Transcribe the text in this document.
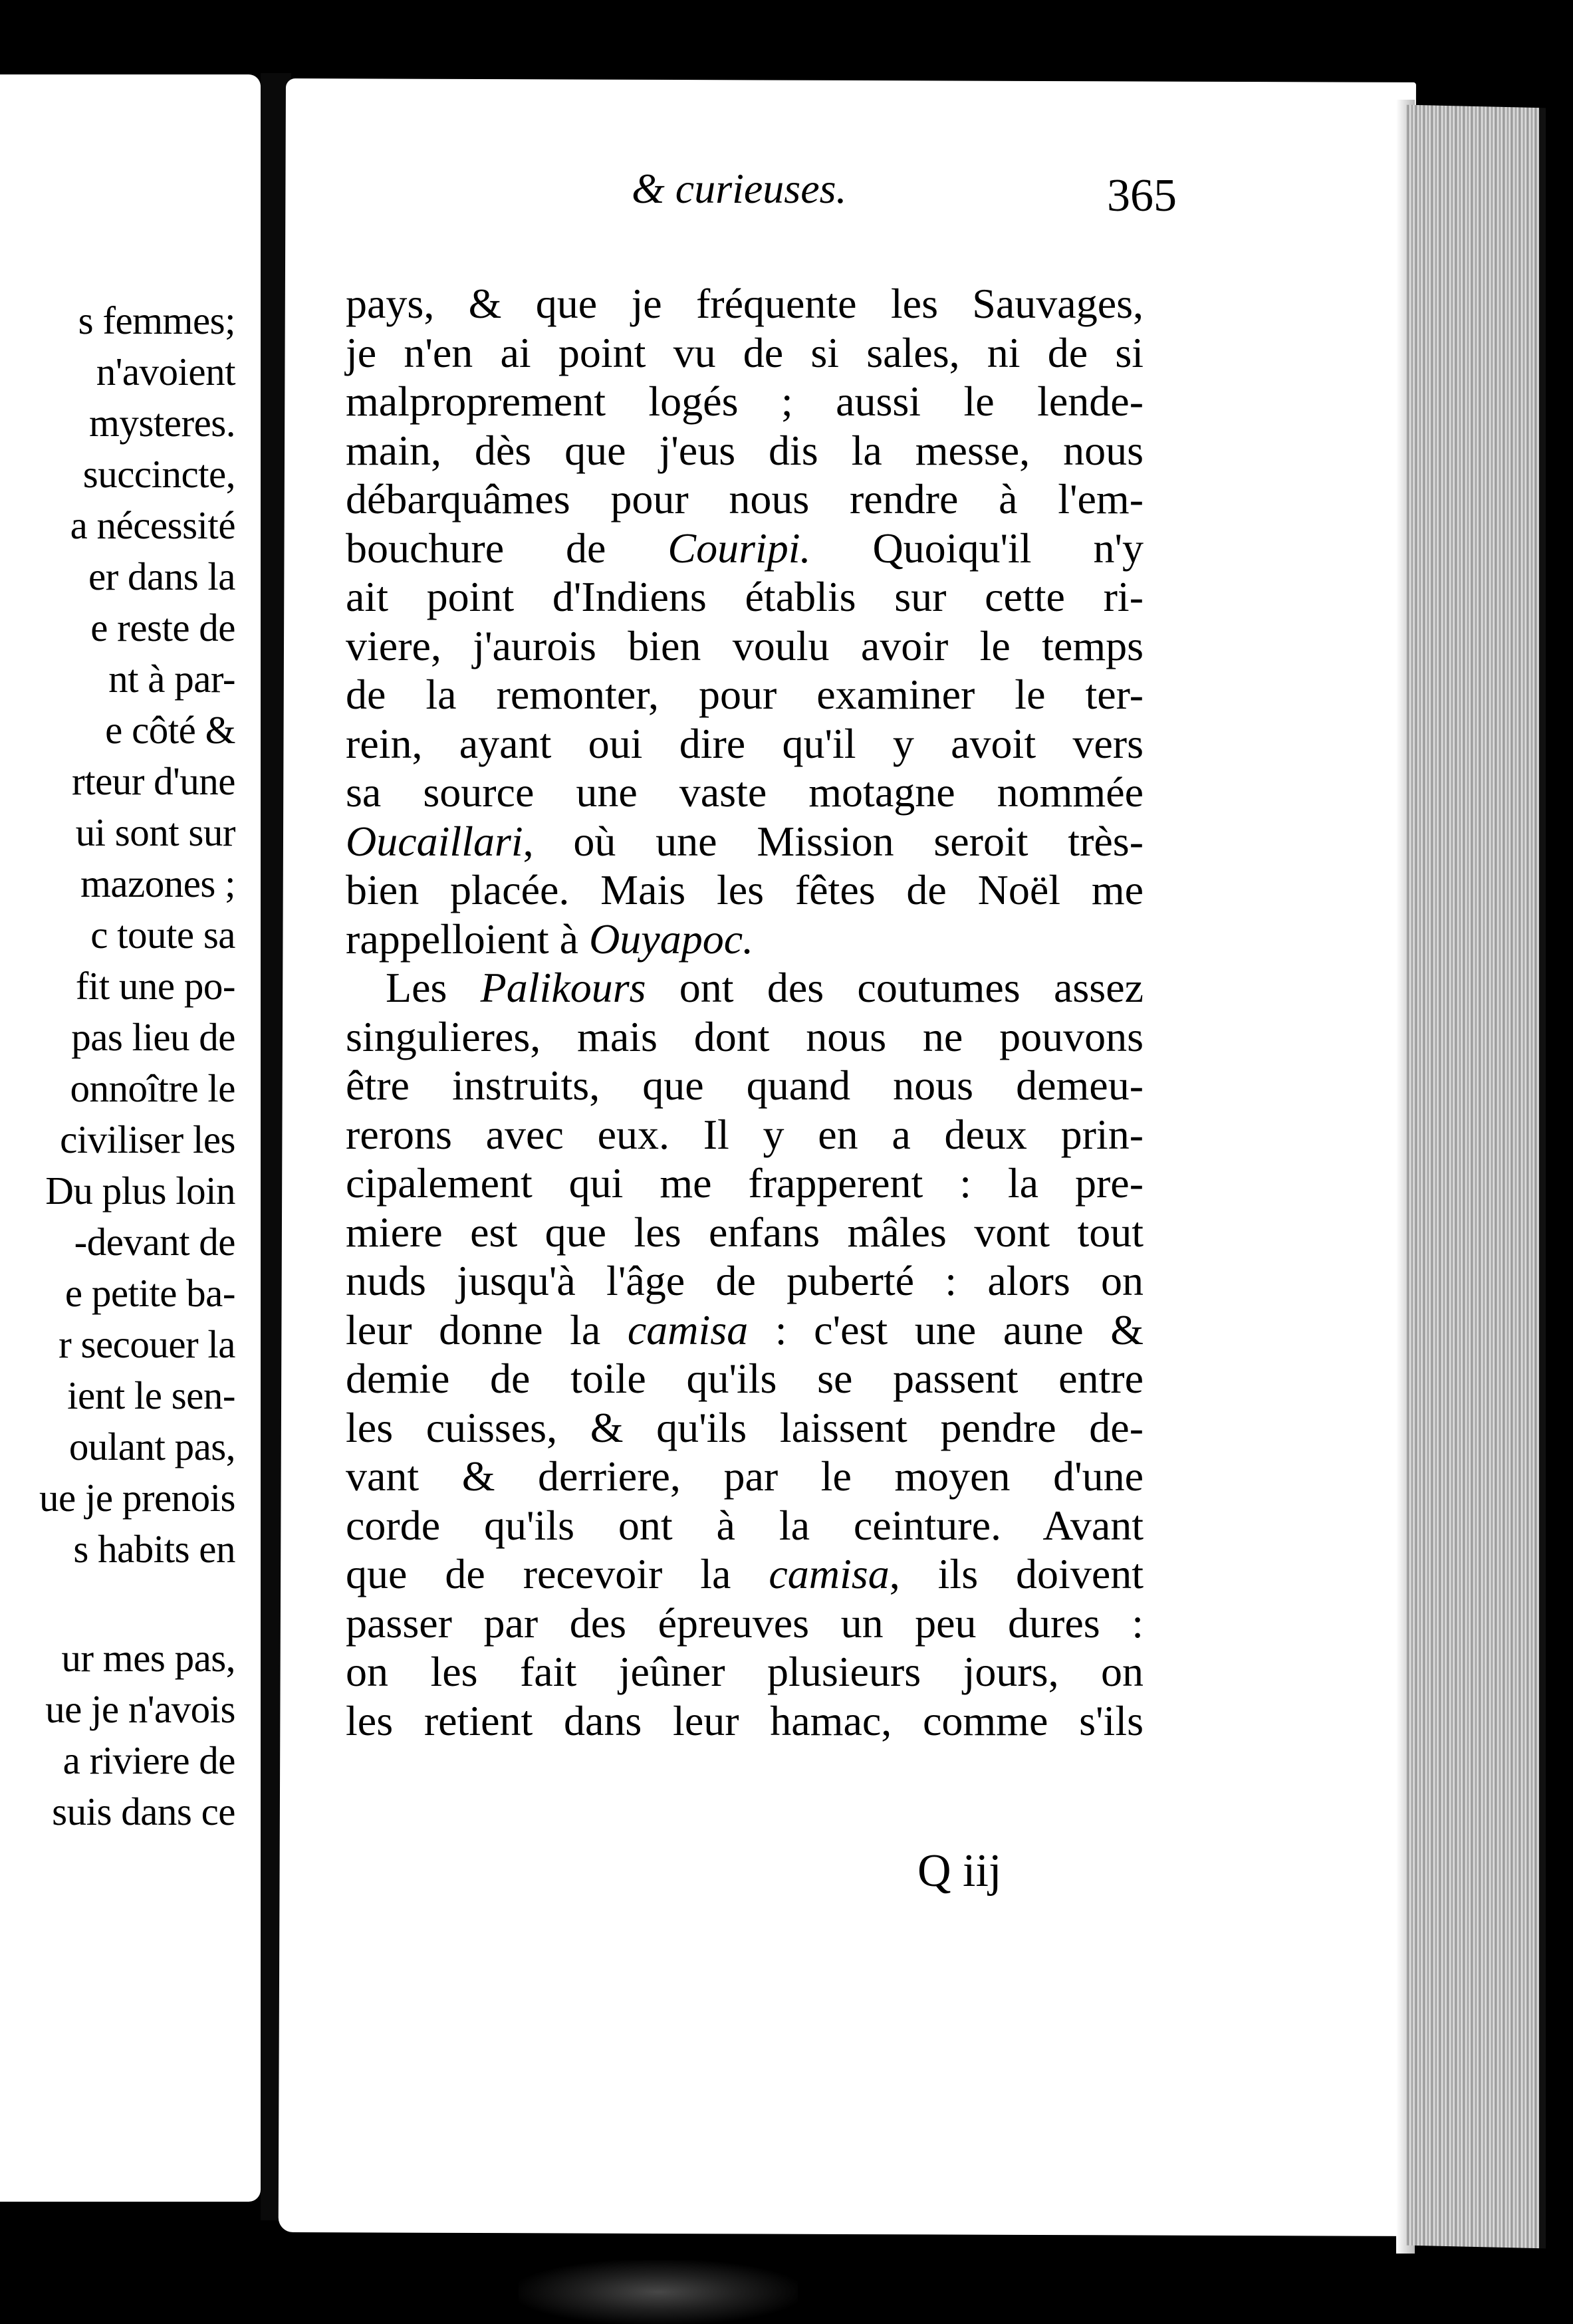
s femmes;
n'avoient
mysteres.
succincte,
a nécessité
er dans la
e reste de
nt à par-
e côté &
rteur d'une
ui sont sur
mazones ;
c toute sa
fit une po-
pas lieu de
onnoître le
civiliser les
Du plus loin
-devant de
e petite ba-
r secouer la
ient le sen-
oulant pas,
ue je prenois
s habits en
ur mes pas,
ue je n'avois
a riviere de
suis dans ce
& curieuses.	365
pays, & que je fréquente les Sauvages,
je n'en ai point vu de si sales, ni de si
malproprement logés ; aussi le lende-
main, dès que j'eus dis la messe, nous
débarquâmes pour nous rendre à l'em-
bouchure de Couripi. Quoiqu'il n'y
ait point d'Indiens établis sur cette ri-
viere, j'aurois bien voulu avoir le temps
de la remonter, pour examiner le ter-
rein, ayant oui dire qu'il y avoit vers
sa source une vaste motagne nommée
Oucaillari, où une Mission seroit très-
bien placée. Mais les fêtes de Noël me
rappelloient à Ouyapoc.
Les Palikours ont des coutumes assez
singulieres, mais dont nous ne pouvons
être instruits, que quand nous demeu-
rerons avec eux. Il y en a deux prin-
cipalement qui me frapperent : la pre-
miere est que les enfans mâles vont tout
nuds jusqu'à l'âge de puberté : alors on
leur donne la camisa : c'est une aune &
demie de toile qu'ils se passent entre
les cuisses, & qu'ils laissent pendre de-
vant & derriere, par le moyen d'une
corde qu'ils ont à la ceinture. Avant
que de recevoir la camisa, ils doivent
passer par des épreuves un peu dures :
on les fait jeûner plusieurs jours, on
les retient dans leur hamac, comme s'ils
Q iij
